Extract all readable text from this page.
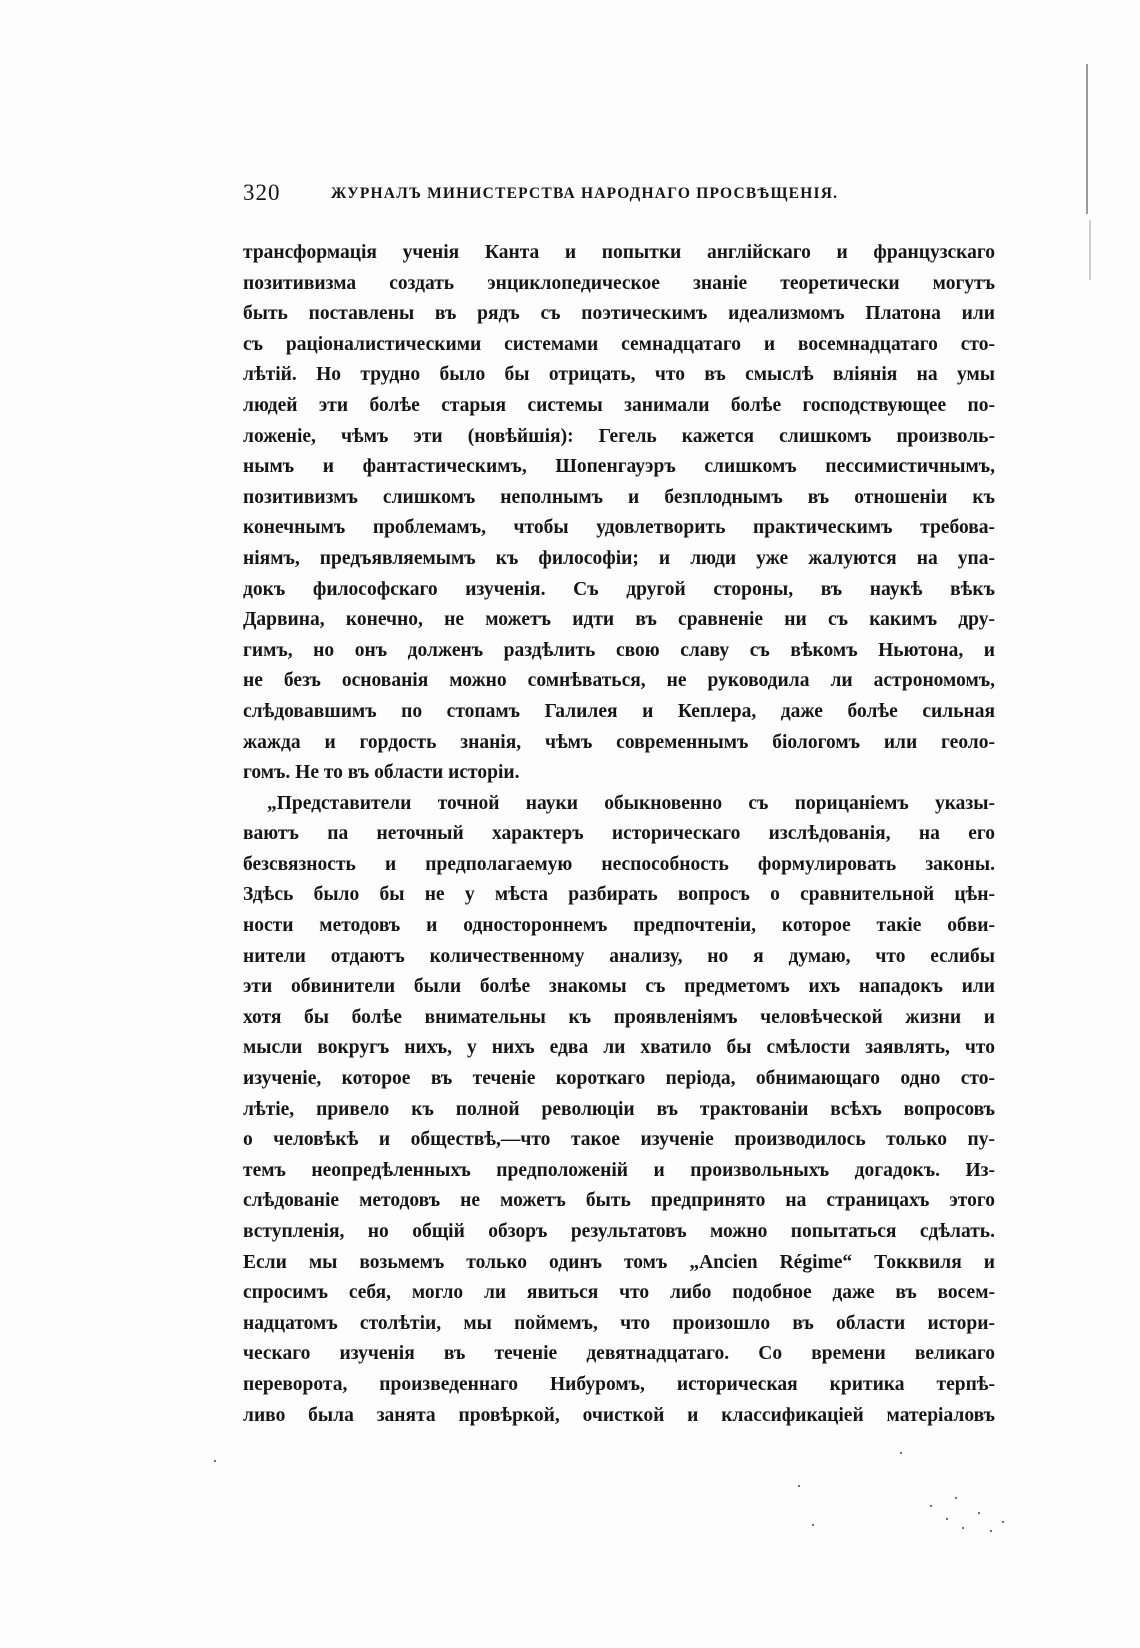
320	ЖУРНАЛЪ МИНИСТЕРСТВА НАРОДНАГО ПРОСВѢЩЕНІЯ.
трансформація ученія Канта и попытки англійскаго и французскаго
позитивизма создать энциклопедическое знаніе теоретически могутъ
быть поставлены въ рядъ съ поэтическимъ идеализмомъ Платона или
съ раціоналистическими системами семнадцатаго и восемнадцатаго сто-
лѣтій. Но трудно было бы отрицать, что въ смыслѣ вліянія на умы
людей эти болѣе старыя системы занимали болѣе господствующее по-
ложеніе, чѣмъ эти (новѣйшія): Гегель кажется слишкомъ произволь-
нымъ и фантастическимъ, Шопенгауэръ слишкомъ пессимистичнымъ,
позитивизмъ слишкомъ неполнымъ и безплоднымъ въ отношеніи къ
конечнымъ проблемамъ, чтобы удовлетворить практическимъ требова-
ніямъ, предъявляемымъ къ философіи; и люди уже жалуются на упа-
докъ философскаго изученія. Съ другой стороны, въ наукѣ вѣкъ
Дарвина, конечно, не можетъ идти въ сравненіе ни съ какимъ дру-
гимъ, но онъ долженъ раздѣлить свою славу съ вѣкомъ Ньютона, и
не безъ основанія можно сомнѣваться, не руководила ли астрономомъ,
слѣдовавшимъ по стопамъ Галилея и Кеплера, даже болѣе сильная
жажда и гордость знанія, чѣмъ современнымъ біологомъ или геоло-
гомъ. Не то въ области исторіи.
„Представители точной науки обыкновенно съ порицаніемъ указы-
ваютъ па неточный характеръ историческаго изслѣдованія, на его
безсвязность и предполагаемую неспособность формулировать законы.
Здѣсь было бы не у мѣста разбирать вопросъ о сравнительной цѣн-
ности методовъ и одностороннемъ предпочтеніи, которое такіе обви-
нители отдаютъ количественному анализу, но я думаю, что еслибы
эти обвинители были болѣе знакомы съ предметомъ ихъ нападокъ или
хотя бы болѣе внимательны къ проявленіямъ человѣческой жизни и
мысли вокругъ нихъ, у нихъ едва ли хватило бы смѣлости заявлять, что
изученіе, которое въ теченіе короткаго періода, обнимающаго одно сто-
лѣтіе, привело къ полной революціи въ трактованіи всѣхъ вопросовъ
о человѣкѣ и обществѣ,—что такое изученіе производилось только пу-
темъ неопредѣленныхъ предположеній и произвольныхъ догадокъ. Из-
слѣдованіе методовъ не можетъ быть предпринято на страницахъ этого
вступленія, но общій обзоръ результатовъ можно попытаться сдѣлать.
Если мы возьмемъ только одинъ томъ „Ancien Régime“ Токквиля и
спросимъ себя, могло ли явиться что либо подобное даже въ восем-
надцатомъ столѣтіи, мы поймемъ, что произошло въ области истори-
ческаго изученія въ теченіе девятнадцатаго. Со времени великаго
переворота, произведеннаго Нибуромъ, историческая критика терпѣ-
ливо была занята провѣркой, очисткой и классификаціей матеріаловъ
